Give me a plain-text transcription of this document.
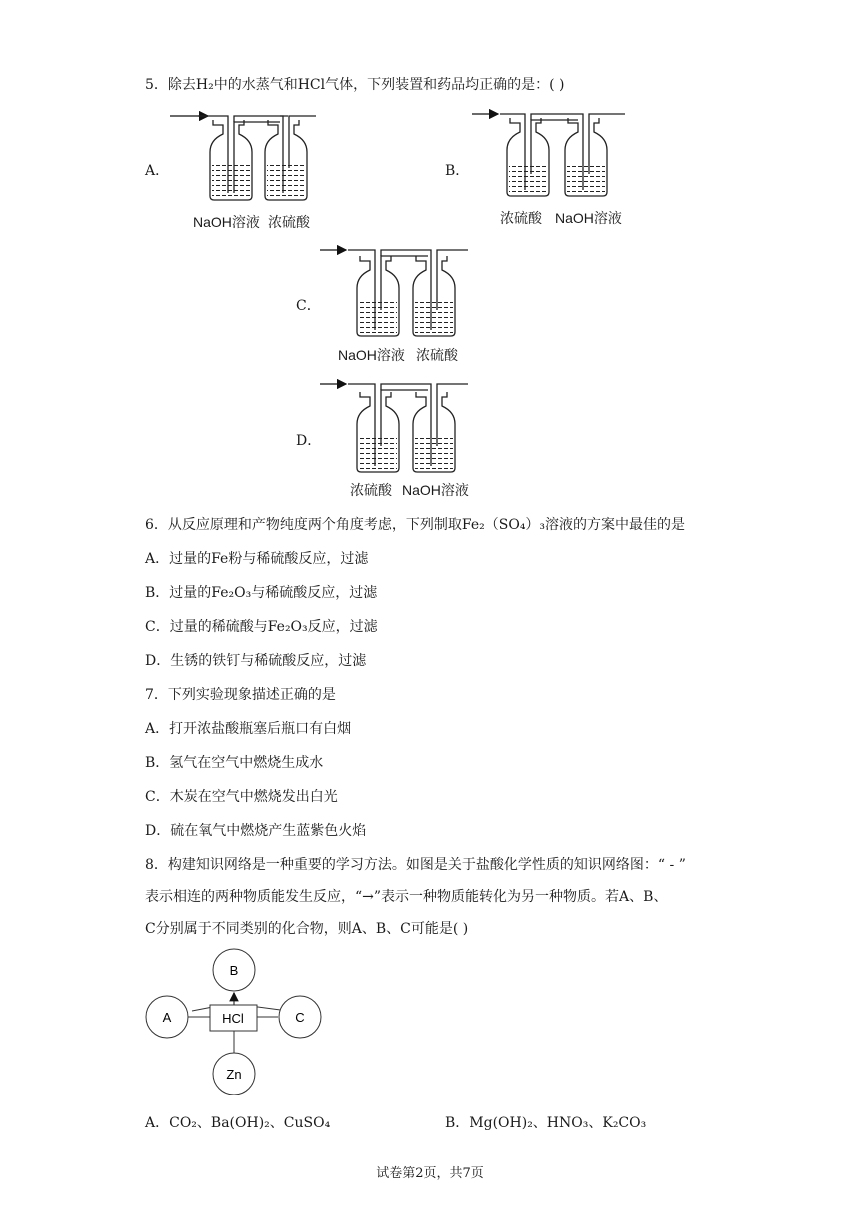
5．除去H₂中的水蒸气和HCl气体，下列装置和药品均正确的是：( )
A．
NaOH溶液 浓硫酸
B．
浓硫酸 NaOH溶液
C．
NaOH溶液 浓硫酸
D．
浓硫酸 NaOH溶液
6．从反应原理和产物纯度两个角度考虑，下列制取Fe₂（SO₄）₃溶液的方案中最佳的是
A．过量的Fe粉与稀硫酸反应，过滤
B．过量的Fe₂O₃与稀硫酸反应，过滤
C．过量的稀硫酸与Fe₂O₃反应，过滤
D．生锈的铁钉与稀硫酸反应，过滤
7．下列实验现象描述正确的是
A．打开浓盐酸瓶塞后瓶口有白烟
B．氢气在空气中燃烧生成水
C．木炭在空气中燃烧发出白光
D．硫在氧气中燃烧产生蓝紫色火焰
8．构建知识网络是一种重要的学习方法。如图是关于盐酸化学性质的知识网络图：“ - ”
表示相连的两种物质能发生反应，“→”表示一种物质能转化为另一种物质。若A、B、
C分别属于不同类别的化合物，则A、B、C可能是( )
B
A	HCl	C
Zn
A．CO₂、Ba(OH)₂、CuSO₄	B．Mg(OH)₂、HNO₃、K₂CO₃
试卷第2页，共7页
